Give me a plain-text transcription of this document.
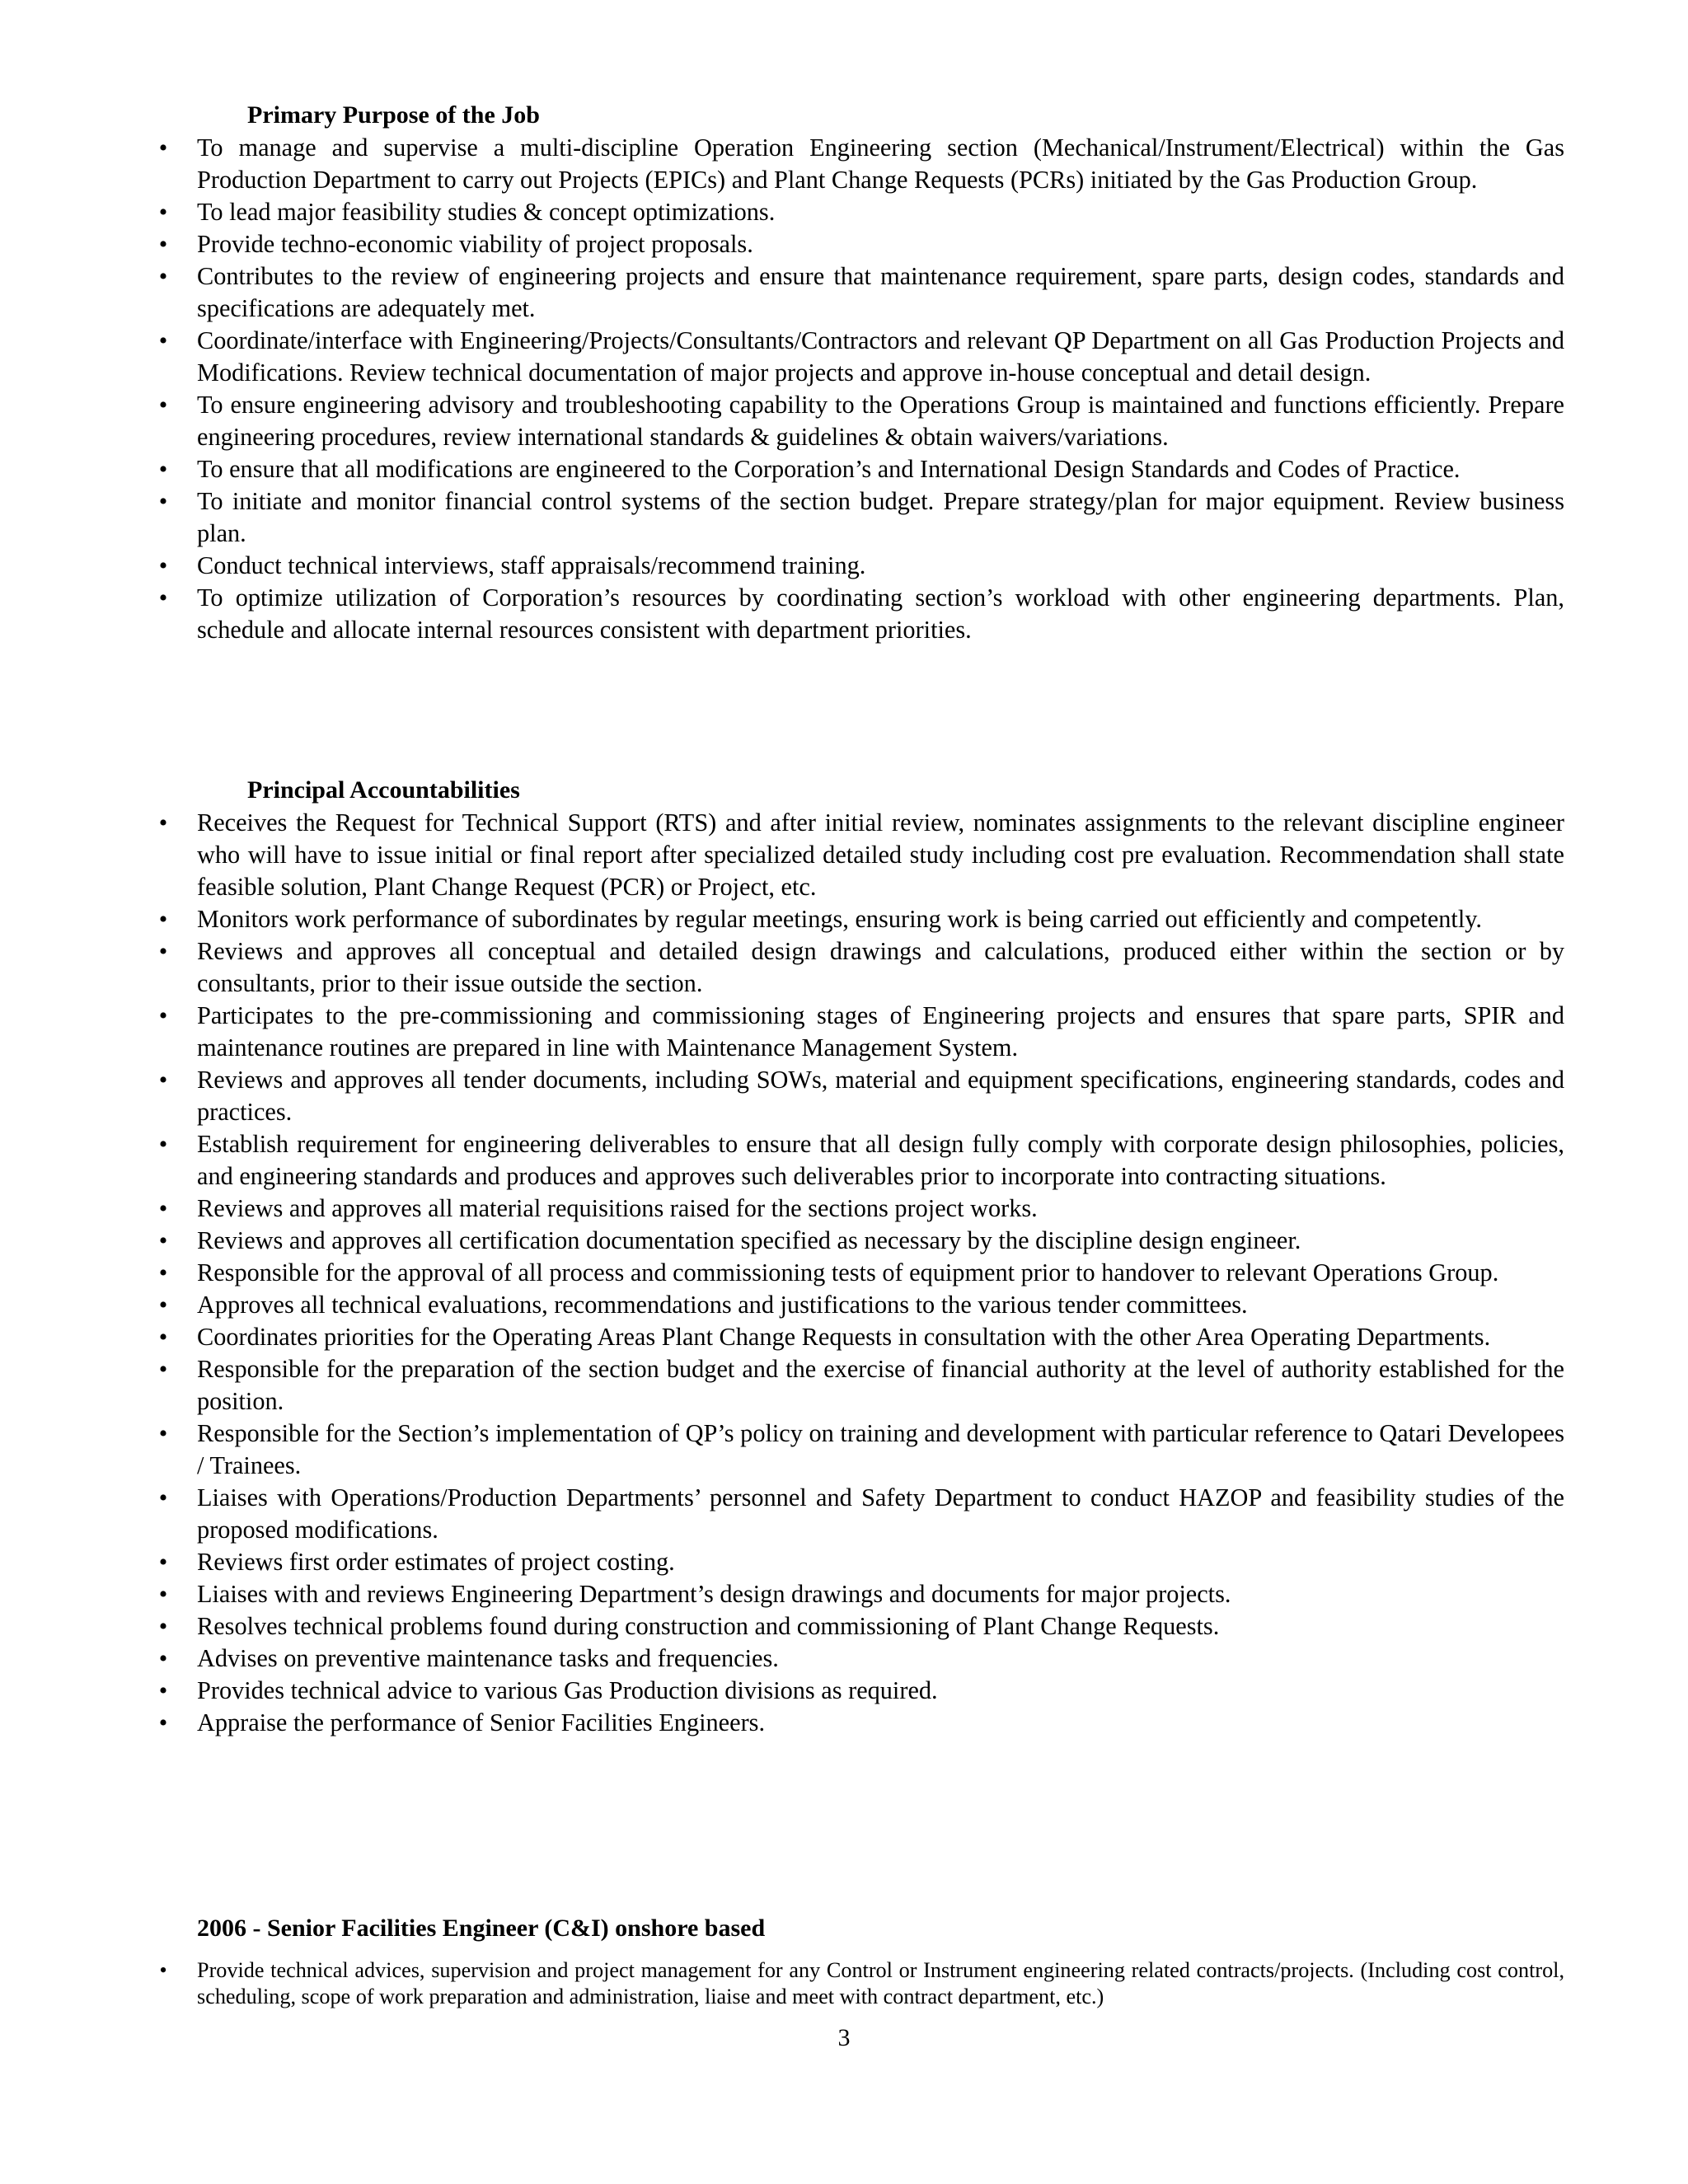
Primary Purpose of the Job
•	To manage and supervise a multi-discipline Operation Engineering section (Mechanical/Instrument/Electrical) within the Gas Production Department to carry out Projects (EPICs) and Plant Change Requests (PCRs) initiated by the Gas Production Group.
•	To lead major feasibility studies & concept optimizations.
•	Provide techno-economic viability of project proposals.
•	Contributes to the review of engineering projects and ensure that maintenance requirement, spare parts, design codes, standards and specifications are adequately met.
•	Coordinate/interface with Engineering/Projects/Consultants/Contractors and relevant QP Department on all Gas Production Projects and Modifications. Review technical documentation of major projects and approve in-house conceptual and detail design.
•	To ensure engineering advisory and troubleshooting capability to the Operations Group is maintained and functions efficiently. Prepare engineering procedures, review international standards & guidelines & obtain waivers/variations.
•	To ensure that all modifications are engineered to the Corporation’s and International Design Standards and Codes of Practice.
•	To initiate and monitor financial control systems of the section budget. Prepare strategy/plan for major equipment. Review business plan.
•	Conduct technical interviews, staff appraisals/recommend training.
•	To optimize utilization of Corporation’s resources by coordinating section’s workload with other engineering departments. Plan, schedule and allocate internal resources consistent with department priorities.
Principal Accountabilities
•	Receives the Request for Technical Support (RTS) and after initial review, nominates assignments to the relevant discipline engineer who will have to issue initial or final report after specialized detailed study including cost pre evaluation. Recommendation shall state feasible solution, Plant Change Request (PCR) or Project, etc.
•	Monitors work performance of subordinates by regular meetings, ensuring work is being carried out efficiently and competently.
•	Reviews and approves all conceptual and detailed design drawings and calculations, produced either within the section or by consultants, prior to their issue outside the section.
•	Participates to the pre-commissioning and commissioning stages of Engineering projects and ensures that spare parts, SPIR and maintenance routines are prepared in line with Maintenance Management System.
•	Reviews and approves all tender documents, including SOWs, material and equipment specifications, engineering standards, codes and practices.
•	Establish requirement for engineering deliverables to ensure that all design fully comply with corporate design philosophies, policies, and engineering standards and produces and approves such deliverables prior to incorporate into contracting situations.
•	Reviews and approves all material requisitions raised for the sections project works.
•	Reviews and approves all certification documentation specified as necessary by the discipline design engineer.
•	Responsible for the approval of all process and commissioning tests of equipment prior to handover to relevant Operations Group.
•	Approves all technical evaluations, recommendations and justifications to the various tender committees.
•	Coordinates priorities for the Operating Areas Plant Change Requests in consultation with the other Area Operating Departments.
•	Responsible for the preparation of the section budget and the exercise of financial authority at the level of authority established for the position.
•	Responsible for the Section’s implementation of QP’s policy on training and development with particular reference to Qatari Developees / Trainees.
•	Liaises with Operations/Production Departments’ personnel and Safety Department to conduct HAZOP and feasibility studies of the proposed modifications.
•	Reviews first order estimates of project costing.
•	Liaises with and reviews Engineering Department’s design drawings and documents for major projects.
•	Resolves technical problems found during construction and commissioning of Plant Change Requests.
•	Advises on preventive maintenance tasks and frequencies.
•	Provides technical advice to various Gas Production divisions as required.
•	Appraise the performance of Senior Facilities Engineers.
2006 - Senior Facilities Engineer (C&I) onshore based
•	Provide technical advices, supervision and project management for any Control or Instrument engineering related contracts/projects. (Including cost control, scheduling, scope of work preparation and administration, liaise and meet with contract department, etc.)

3
